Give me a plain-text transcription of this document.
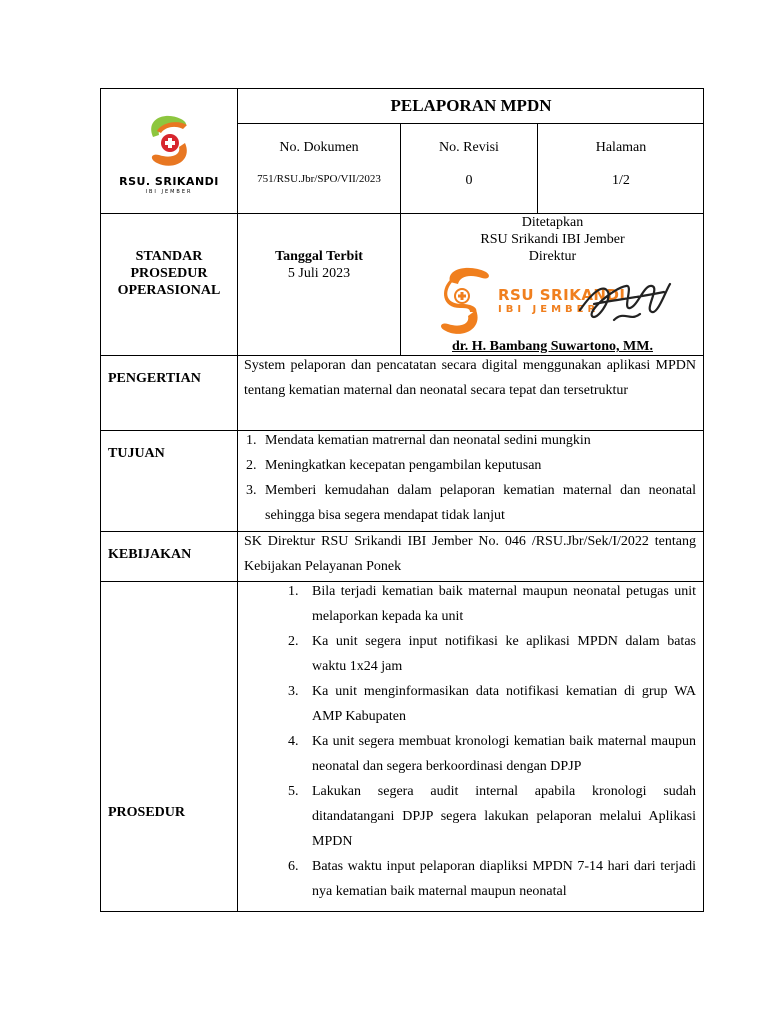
RSU. SRIKANDI
IBI JEMBER
PELAPORAN MPDN
No. Dokumen
751/RSU.Jbr/SPO/VII/2023
No. Revisi
0
Halaman
1/2
STANDAR
PROSEDUR
OPERASIONAL
Tanggal Terbit
5 Juli 2023
Ditetapkan
RSU Srikandi IBI Jember
Direktur
RSU SRIKANDI
IBI JEMBER
dr. H. Bambang Suwartono, MM.
PENGERTIAN
System pelaporan dan pencatatan secara digital menggunakan aplikasi MPDN tentang kematian maternal dan neonatal secara tepat dan tersetruktur
TUJUAN
1. Mendata kematian matrernal dan neonatal sedini mungkin
2. Meningkatkan kecepatan pengambilan keputusan
3. Memberi kemudahan dalam pelaporan kematian maternal dan neonatal sehingga bisa segera mendapat tidak lanjut
KEBIJAKAN
SK Direktur RSU Srikandi IBI Jember No. 046 /RSU.Jbr/Sek/I/2022 tentang Kebijakan Pelayanan Ponek
PROSEDUR
1. Bila terjadi kematian baik maternal maupun neonatal petugas unit melaporkan kepada ka unit
2. Ka unit segera input notifikasi ke aplikasi MPDN dalam batas waktu 1x24 jam
3. Ka unit menginformasikan data notifikasi kematian di grup WA AMP Kabupaten
4. Ka unit segera membuat kronologi kematian baik maternal maupun neonatal dan segera berkoordinasi dengan DPJP
5. Lakukan segera audit internal apabila kronologi sudah ditandatangani DPJP segera lakukan pelaporan melalui Aplikasi MPDN
6. Batas waktu input pelaporan diapliksi MPDN 7-14 hari dari terjadi nya kematian baik maternal maupun neonatal
